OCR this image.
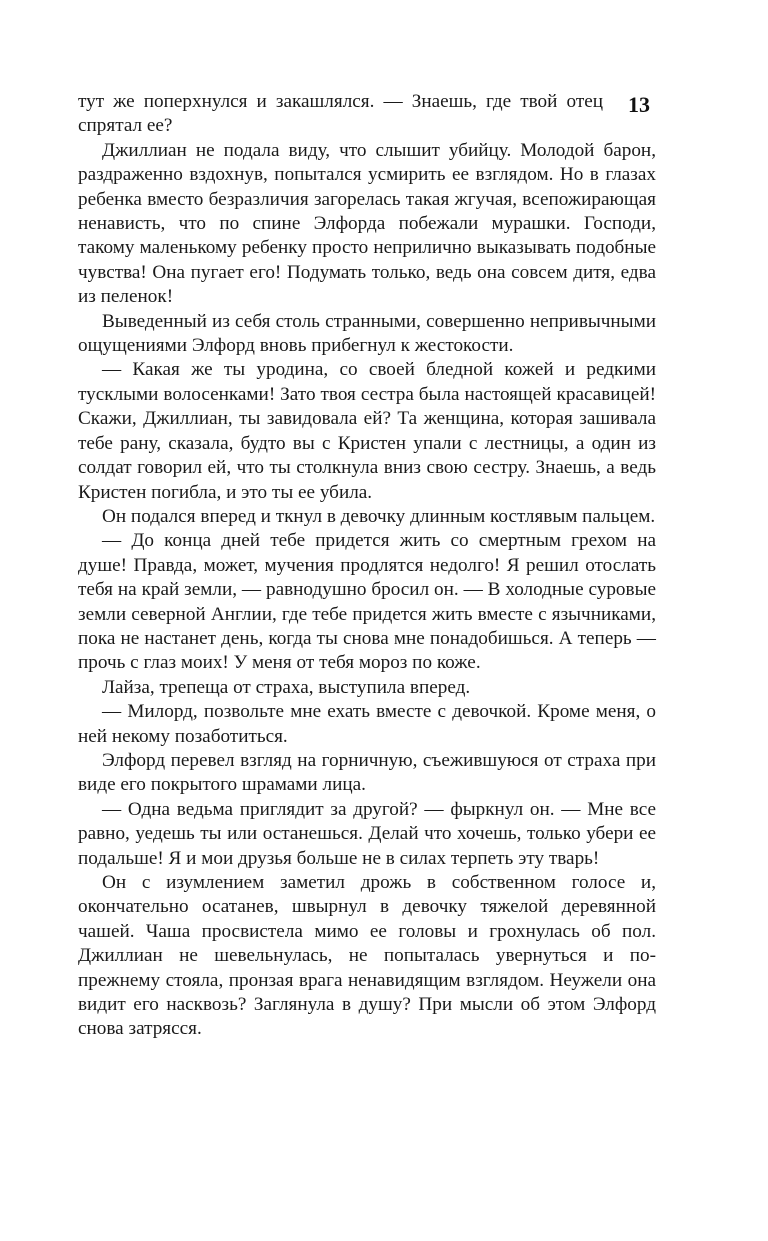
13

тут же поперхнулся и закашлялся. — Знаешь, где твой отец спрятал ее?

Джиллиан не подала виду, что слышит убийцу. Молодой барон, раздраженно вздохнув, попытался усмирить ее взглядом. Но в глазах ребенка вместо безразличия загорелась такая жгучая, всепожирающая ненависть, что по спине Элфорда побежали мурашки. Господи, такому маленькому ребенку просто неприлично выказывать подобные чувства! Она пугает его! Подумать только, ведь она совсем дитя, едва из пеленок!

Выведенный из себя столь странными, совершенно непривычными ощущениями Элфорд вновь прибегнул к жестокости.

— Какая же ты уродина, со своей бледной кожей и редкими тусклыми волосенками! Зато твоя сестра была настоящей красавицей! Скажи, Джиллиан, ты завидовала ей? Та женщина, которая зашивала тебе рану, сказала, будто вы с Кристен упали с лестницы, а один из солдат говорил ей, что ты столкнула вниз свою сестру. Знаешь, а ведь Кристен погибла, и это ты ее убила.

Он подался вперед и ткнул в девочку длинным костлявым пальцем.

— До конца дней тебе придется жить со смертным грехом на душе! Правда, может, мучения продлятся недолго! Я решил отослать тебя на край земли, — равнодушно бросил он. — В холодные суровые земли северной Англии, где тебе придется жить вместе с язычниками, пока не настанет день, когда ты снова мне понадобишься. А теперь — прочь с глаз моих! У меня от тебя мороз по коже.

Лайза, трепеща от страха, выступила вперед.

— Милорд, позвольте мне ехать вместе с девочкой. Кроме меня, о ней некому позаботиться.

Элфорд перевел взгляд на горничную, съежившуюся от страха при виде его покрытого шрамами лица.

— Одна ведьма приглядит за другой? — фыркнул он. — Мне все равно, уедешь ты или останешься. Делай что хочешь, только убери ее подальше! Я и мои друзья больше не в силах терпеть эту тварь!

Он с изумлением заметил дрожь в собственном голосе и, окончательно осатанев, швырнул в девочку тяжелой деревянной чашей. Чаша просвистела мимо ее головы и грохнулась об пол. Джиллиан не шевельнулась, не попыталась увернуться и по-прежнему стояла, пронзая врага ненавидящим взглядом. Неужели она видит его насквозь? Заглянула в душу? При мысли об этом Элфорд снова затрясся.
